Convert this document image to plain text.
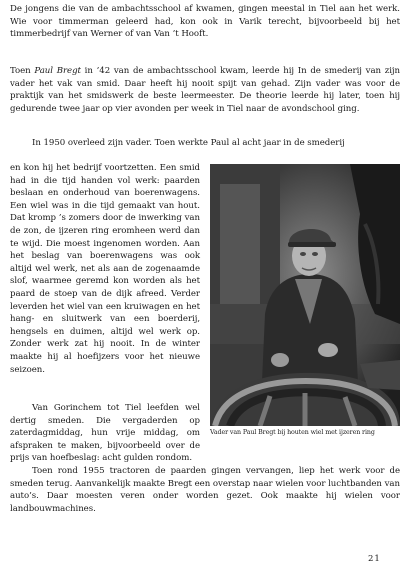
De jongens die van de ambachtsschool af kwamen, gingen meestal in Tiel aan het werk. Wie voor timmerman geleerd had, kon ook in Varik terecht, bijvoorbeeld bij het timmerbedrijf van Werner of van Van ’t Hooft.

Toen Paul Bregt in ’42 van de ambachtsschool kwam, leerde hij In de smederij van zijn vader het vak van smid. Daar heeft hij nooit spijt van gehad. Zijn vader was voor de praktijk van het smidswerk de beste leermeester. De theorie leerde hij later, toen hij gedurende twee jaar op vier avonden per week in Tiel naar de avondschool ging.

In 1950 overleed zijn vader. Toen werkte Paul al acht jaar in de smederij

en kon hij het bedrijf voortzetten. Een smid had in die tijd handen vol werk: paarden beslaan en onderhoud van boerenwagens. Een wiel was in die tijd gemaakt van hout. Dat kromp ’s zomers door de inwerking van de zon, de ijzeren ring eromheen werd dan te wijd. Die moest ingenomen worden. Aan het beslag van boerenwagens was ook altijd wel werk, net als aan de zogenaamde slof, waarmee geremd kon worden als het paard de stoep van de dijk afreed. Verder leverden het wiel van een kruiwagen en het hang- en sluitwerk van een boerderij, hengsels en duimen, altijd wel werk op. Zonder werk zat hij nooit. In de winter maakte hij al hoefijzers voor het nieuwe seizoen.

Vader van Paul Bregt bij houten wiel met ijzeren ring

Van Gorinchem tot Tiel leefden wel dertig smeden. Die vergaderden op zaterdagmiddag, hun vrije middag, om afspraken te maken, bijvoorbeeld over de prijs van hoefbeslag: acht gulden rondom.

Toen rond 1955 tractoren de paarden gingen vervangen, liep het werk voor de smeden terug. Aanvankelijk maakte Bregt een overstap naar wielen voor luchtbanden van auto’s. Daar moesten veren onder worden gezet. Ook maakte hij wielen voor landbouwmachines.

21
